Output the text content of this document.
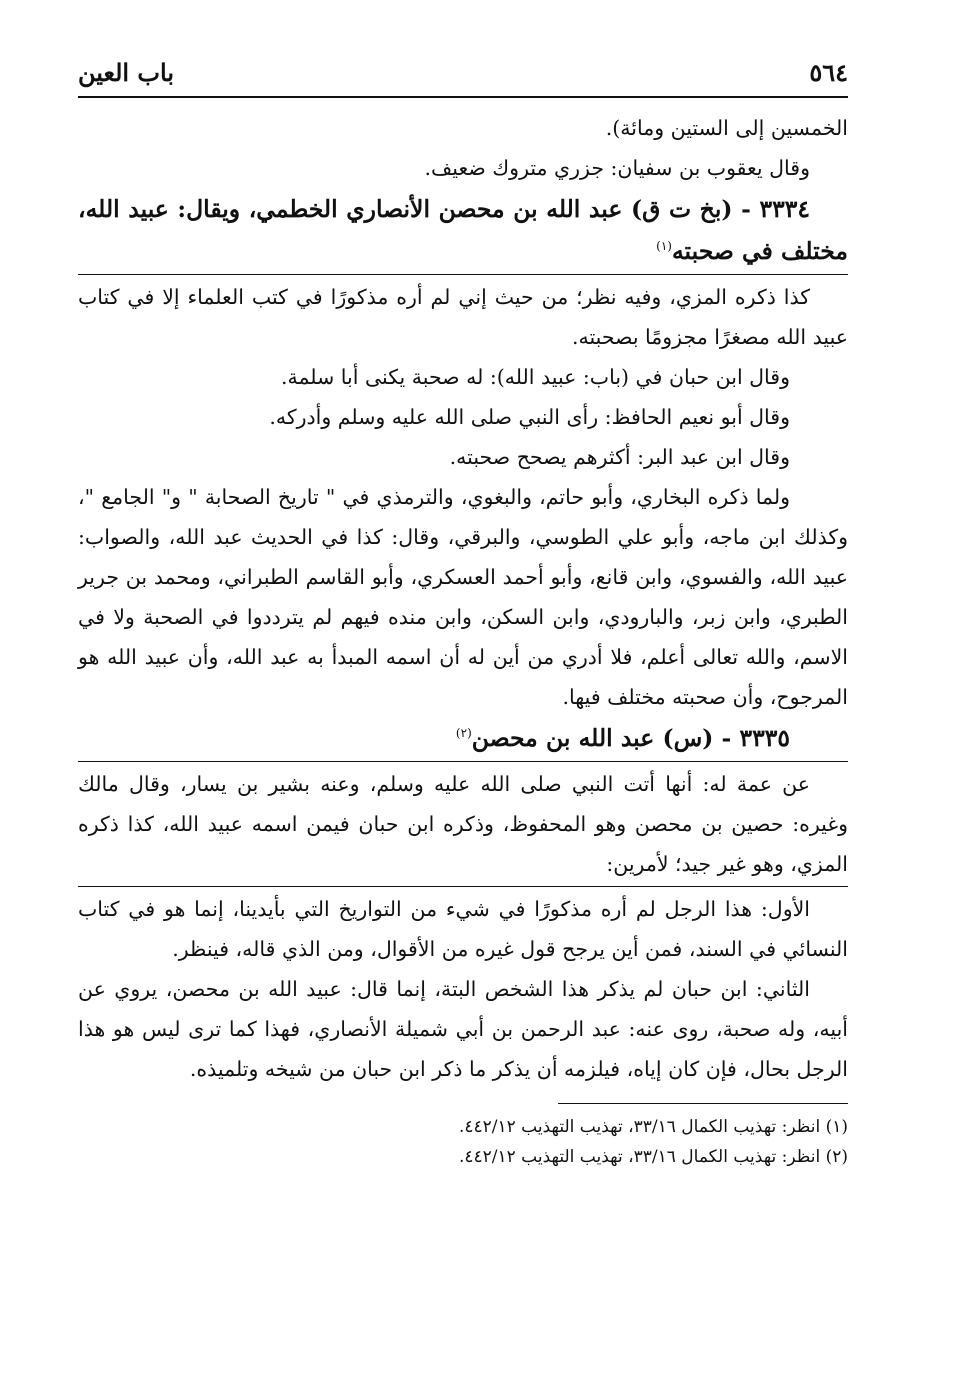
٥٦٤
باب العين

الخمسين إلى الستين ومائة).

وقال يعقوب بن سفيان: جزري متروك ضعيف.

٣٣٣٤ - (بخ ت ق) عبد الله بن محصن الأنصاري الخطمي، ويقال: عبيد الله، مختلف في صحبته$^{(١)}$

كذا ذكره المزي، وفيه نظر؛ من حيث إني لم أره مذكورًا في كتب العلماء إلا في كتاب عبيد الله مصغرًا مجزومًا بصحبته.

وقال ابن حبان في (باب: عبيد الله): له صحبة يكنى أبا سلمة.

وقال أبو نعيم الحافظ: رأى النبي صلى الله عليه وسلم وأدركه.

وقال ابن عبد البر: أكثرهم يصحح صحبته.

ولما ذكره البخاري، وأبو حاتم، والبغوي، والترمذي في " تاريخ الصحابة " و" الجامع "، وكذلك ابن ماجه، وأبو علي الطوسي، والبرقي، وقال: كذا في الحديث عبد الله، والصواب: عبيد الله، والفسوي، وابن قانع، وأبو أحمد العسكري، وأبو القاسم الطبراني، ومحمد بن جرير الطبري، وابن زبر، والبارودي، وابن السكن، وابن منده فيهم لم يترددوا في الصحبة ولا في الاسم، والله تعالى أعلم، فلا أدري من أين له أن اسمه المبدأ به عبد الله، وأن عبيد الله هو المرجوح، وأن صحبته مختلف فيها.

٣٣٣٥ - (س) عبد الله بن محصن$^{(٢)}$

عن عمة له: أنها أتت النبي صلى الله عليه وسلم، وعنه بشير بن يسار، وقال مالك وغيره: حصين بن محصن وهو المحفوظ، وذكره ابن حبان فيمن اسمه عبيد الله، كذا ذكره المزي، وهو غير جيد؛ لأمرين:

الأول: هذا الرجل لم أره مذكورًا في شيء من التواريخ التي بأيدينا، إنما هو في كتاب النسائي في السند، فمن أين يرجح قول غيره من الأقوال، ومن الذي قاله، فينظر.

الثاني: ابن حبان لم يذكر هذا الشخص البتة، إنما قال: عبيد الله بن محصن، يروي عن أبيه، وله صحبة، روى عنه: عبد الرحمن بن أبي شميلة الأنصاري، فهذا كما ترى ليس هو هذا الرجل بحال، فإن كان إياه، فيلزمه أن يذكر ما ذكر ابن حبان من شيخه وتلميذه.

(١) انظر: تهذيب الكمال ٣٣/١٦، تهذيب التهذيب ٤٤٢/١٢.

(٢) انظر: تهذيب الكمال ٣٣/١٦، تهذيب التهذيب ٤٤٢/١٢.
